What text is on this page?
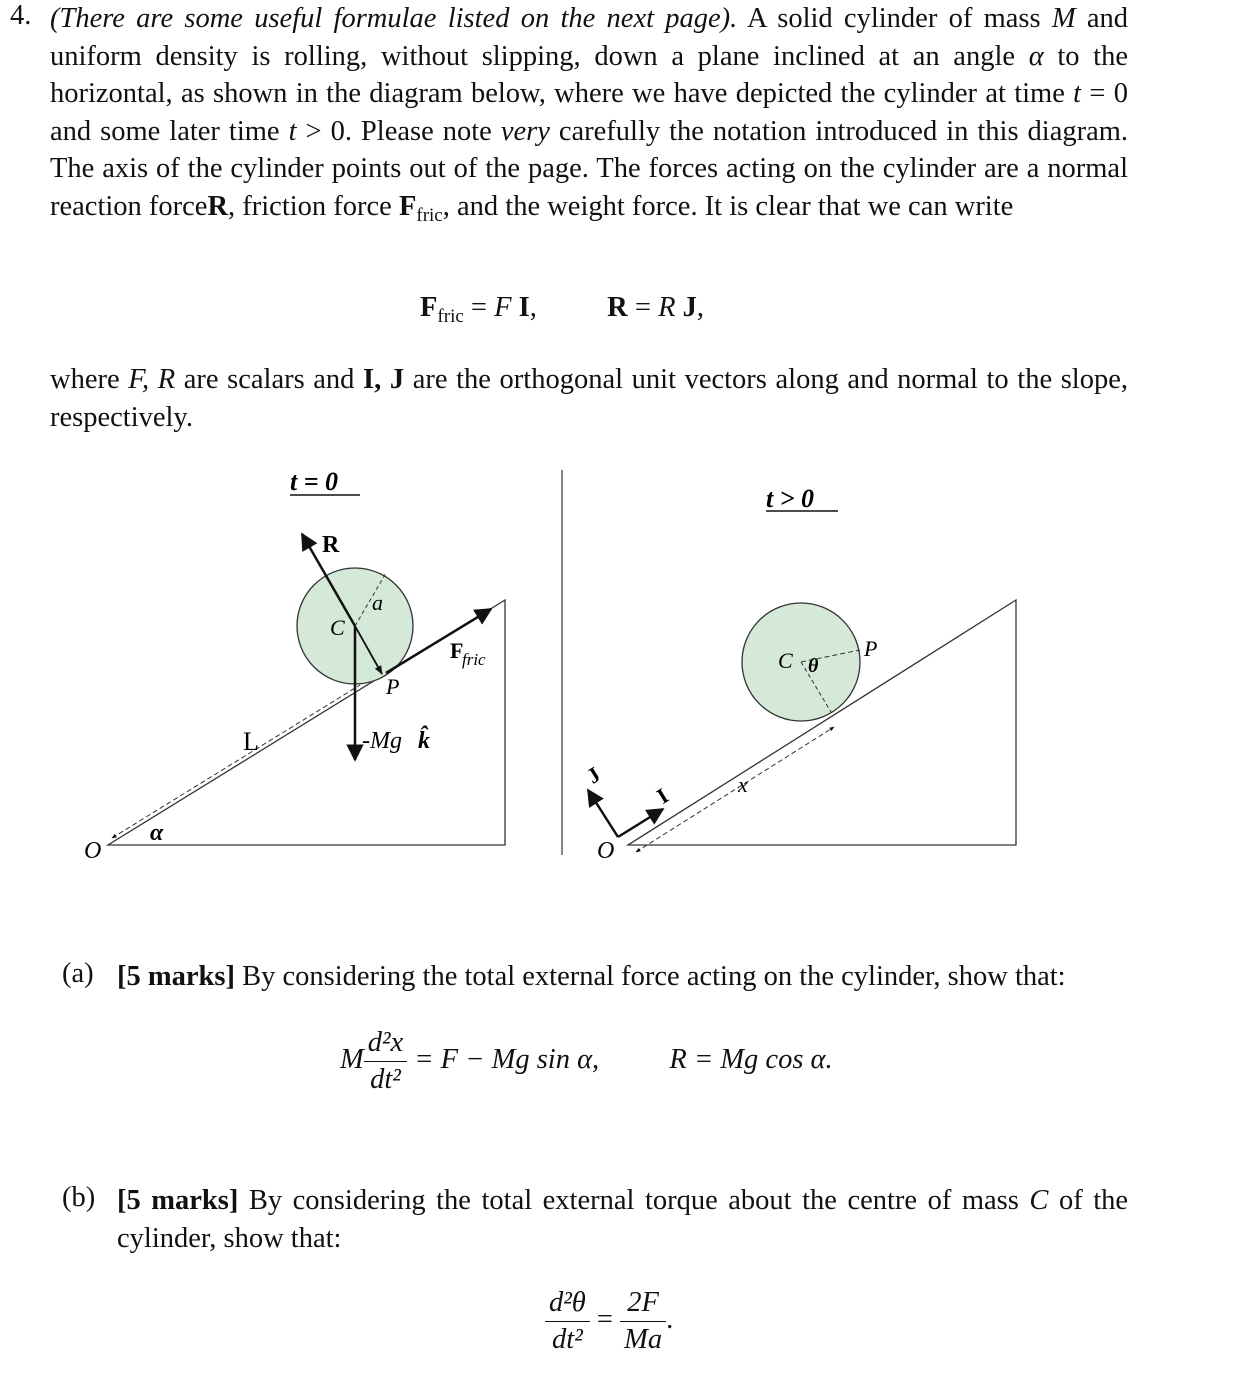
4. (There are some useful formulae listed on the next page). A solid cylinder of mass M and uniform density is rolling, without slipping, down a plane inclined at an angle α to the horizontal, as shown in the diagram below, where we have depicted the cylinder at time t = 0 and some later time t > 0. Please note very carefully the notation introduced in this diagram. The axis of the cylinder points out of the page. The forces acting on the cylinder are a normal reaction forceR, friction force $F_{fric}$, and the weight force. It is clear that we can write
$F_{fric} = F$ I, R = R J,
where F, R are scalars and I, J are the orthogonal unit vectors along and normal to the slope, respectively.
t = 0
L
α
O
a
C
R
F
fric
P
-Mg k̂
t > 0
C θ
P
x
I
J
O
(a) [5 marks] By considering the total external force acting on the cylinder, show that:
M $\frac{\text{d²x}}{\text{dt²}} = F - Mg$ sin α, R = Mg cos α.
(b) [5 marks] By considering the total external torque about the centre of mass C of the cylinder, show that:
$\frac{\text{d²θ}}{\text{dt²}} = \frac{2F}{Ma}$ .
